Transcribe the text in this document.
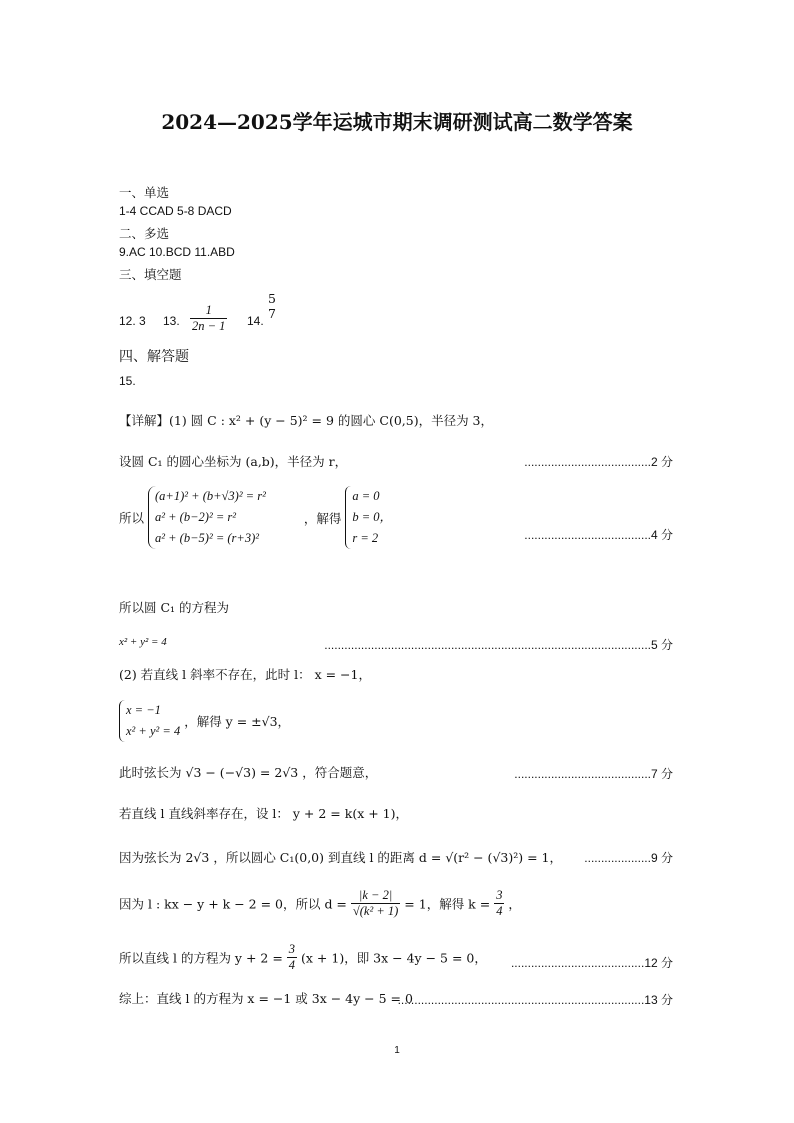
2024—2025学年运城市期末调研测试高二数学答案
一、单选
1-4 CCAD 5-8 DACD
二、多选
9.AC 10.BCD 11.ABD
三、填空题
12. 3 13. $\frac{1}{2n - 1} 14$.
5
7
四、解答题
15.
【详解】(1) 圆 C : x² + (y − 5)² = 9 的圆心 C(0,5)，半径为 3，
设圆 C₁ 的圆心坐标为 (a,b)，半径为 r，	......................................2 分
所以
(a+1)² + (b+√3)² = r²
a² + (b−2)² = r²
a² + (b−5)² = (r+3)²
，解得
a = 0
b = 0，
r = 2	......................................4 分
所以圆 C₁ 的方程为
x² + y² = 4	..................................................................................................5 分
(2) 若直线 l 斜率不存在，此时 l： x = −1，
x = −1
x² + y² = 4
，解得 y = ±√3，
此时弦长为 √3 − (−√3) = 2√3 ，符合题意，	.........................................7 分
若直线 l 直线斜率存在，设 l： y + 2 = k(x + 1)，
因为弦长为 2√3 ，所以圆心 C₁(0,0) 到直线 l 的距离 d = √(r² − (√3)²) = 1， ....................9 分
因为 l : kx − y + k − 2 = 0，所以 $d = \frac{|k - 2|}{\text{√(k² + 1)}} = 1$，解得 $k = \frac{3}{4}$ ，
所以直线 l 的方程为 $y + 2 = \frac{3}{4} (x + 1)$，即 3x − 4y − 5 = 0， ........................................12 分
综上：直线 l 的方程为 x = −1 或 3x − 4y − 5 = 0
..........................................................................13 分
1
